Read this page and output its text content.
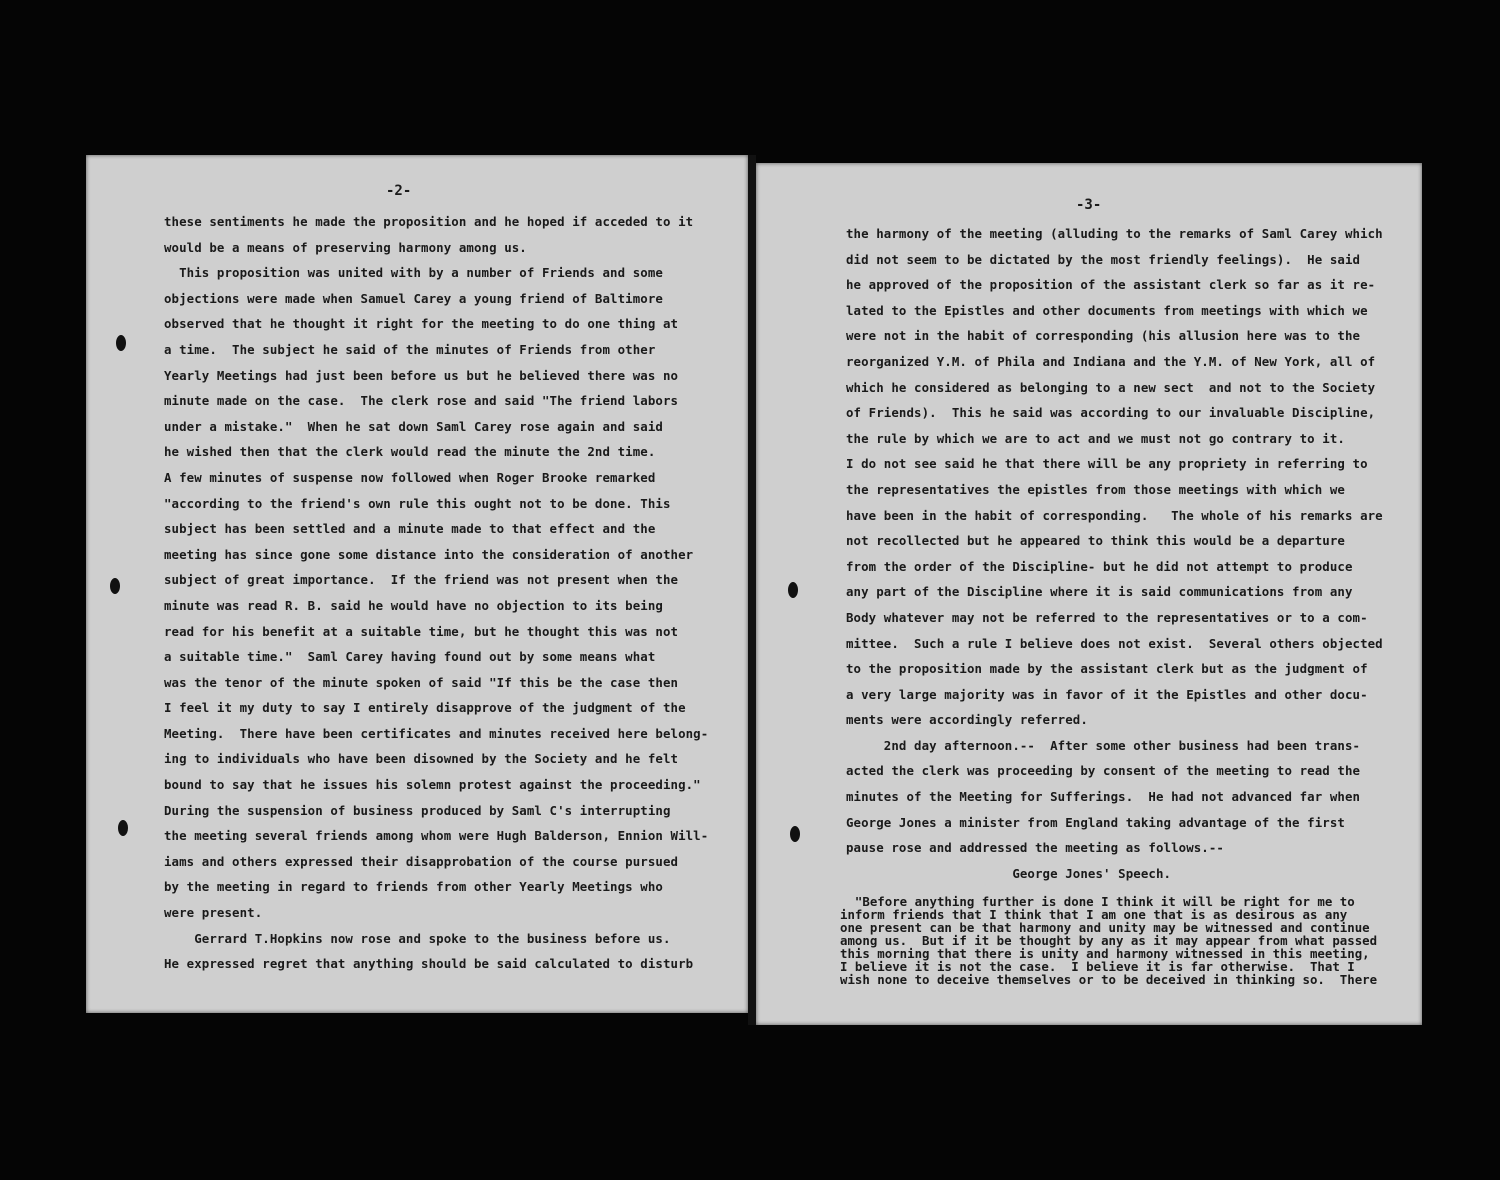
-2-
these sentiments he made the proposition and he hoped if acceded to it
would be a means of preserving harmony among us.
This proposition was united with by a number of Friends and some
objections were made when Samuel Carey a young friend of Baltimore
observed that he thought it right for the meeting to do one thing at
a time.  The subject he said of the minutes of Friends from other
Yearly Meetings had just been before us but he believed there was no
minute made on the case.  The clerk rose and said "The friend labors
under a mistake."  When he sat down Saml Carey rose again and said
he wished then that the clerk would read the minute the 2nd time.
A few minutes of suspense now followed when Roger Brooke remarked
"according to the friend's own rule this ought not to be done. This
subject has been settled and a minute made to that effect and the
meeting has since gone some distance into the consideration of another
subject of great importance.  If the friend was not present when the
minute was read R. B. said he would have no objection to its being
read for his benefit at a suitable time, but he thought this was not
a suitable time."  Saml Carey having found out by some means what
was the tenor of the minute spoken of said "If this be the case then
I feel it my duty to say I entirely disapprove of the judgment of the
Meeting.  There have been certificates and minutes received here belong-
ing to individuals who have been disowned by the Society and he felt
bound to say that he issues his solemn protest against the proceeding."
During the suspension of business produced by Saml C's interrupting
the meeting several friends among whom were Hugh Balderson, Ennion Will-
iams and others expressed their disapprobation of the course pursued
by the meeting in regard to friends from other Yearly Meetings who
were present.
Gerrard T.Hopkins now rose and spoke to the business before us.
He expressed regret that anything should be said calculated to disturb
-3-
the harmony of the meeting (alluding to the remarks of Saml Carey which
did not seem to be dictated by the most friendly feelings).  He said
he approved of the proposition of the assistant clerk so far as it re-
lated to the Epistles and other documents from meetings with which we
were not in the habit of corresponding (his allusion here was to the
reorganized Y.M. of Phila and Indiana and the Y.M. of New York, all of
which he considered as belonging to a new sect  and not to the Society
of Friends).  This he said was according to our invaluable Discipline,
the rule by which we are to act and we must not go contrary to it.
I do not see said he that there will be any propriety in referring to
the representatives the epistles from those meetings with which we
have been in the habit of corresponding.   The whole of his remarks are
not recollected but he appeared to think this would be a departure
from the order of the Discipline- but he did not attempt to produce
any part of the Discipline where it is said communications from any
Body whatever may not be referred to the representatives or to a com-
mittee.  Such a rule I believe does not exist.  Several others objected
to the proposition made by the assistant clerk but as the judgment of
a very large majority was in favor of it the Epistles and other docu-
ments were accordingly referred.
2nd day afternoon.--  After some other business had been trans-
acted the clerk was proceeding by consent of the meeting to read the
minutes of the Meeting for Sufferings.  He had not advanced far when
George Jones a minister from England taking advantage of the first
pause rose and addressed the meeting as follows.--
George Jones' Speech.
"Before anything further is done I think it will be right for me to
inform friends that I think that I am one that is as desirous as any
one present can be that harmony and unity may be witnessed and continue
among us.  But if it be thought by any as it may appear from what passed
this morning that there is unity and harmony witnessed in this meeting,
I believe it is not the case.  I believe it is far otherwise.  That I
wish none to deceive themselves or to be deceived in thinking so.  There
